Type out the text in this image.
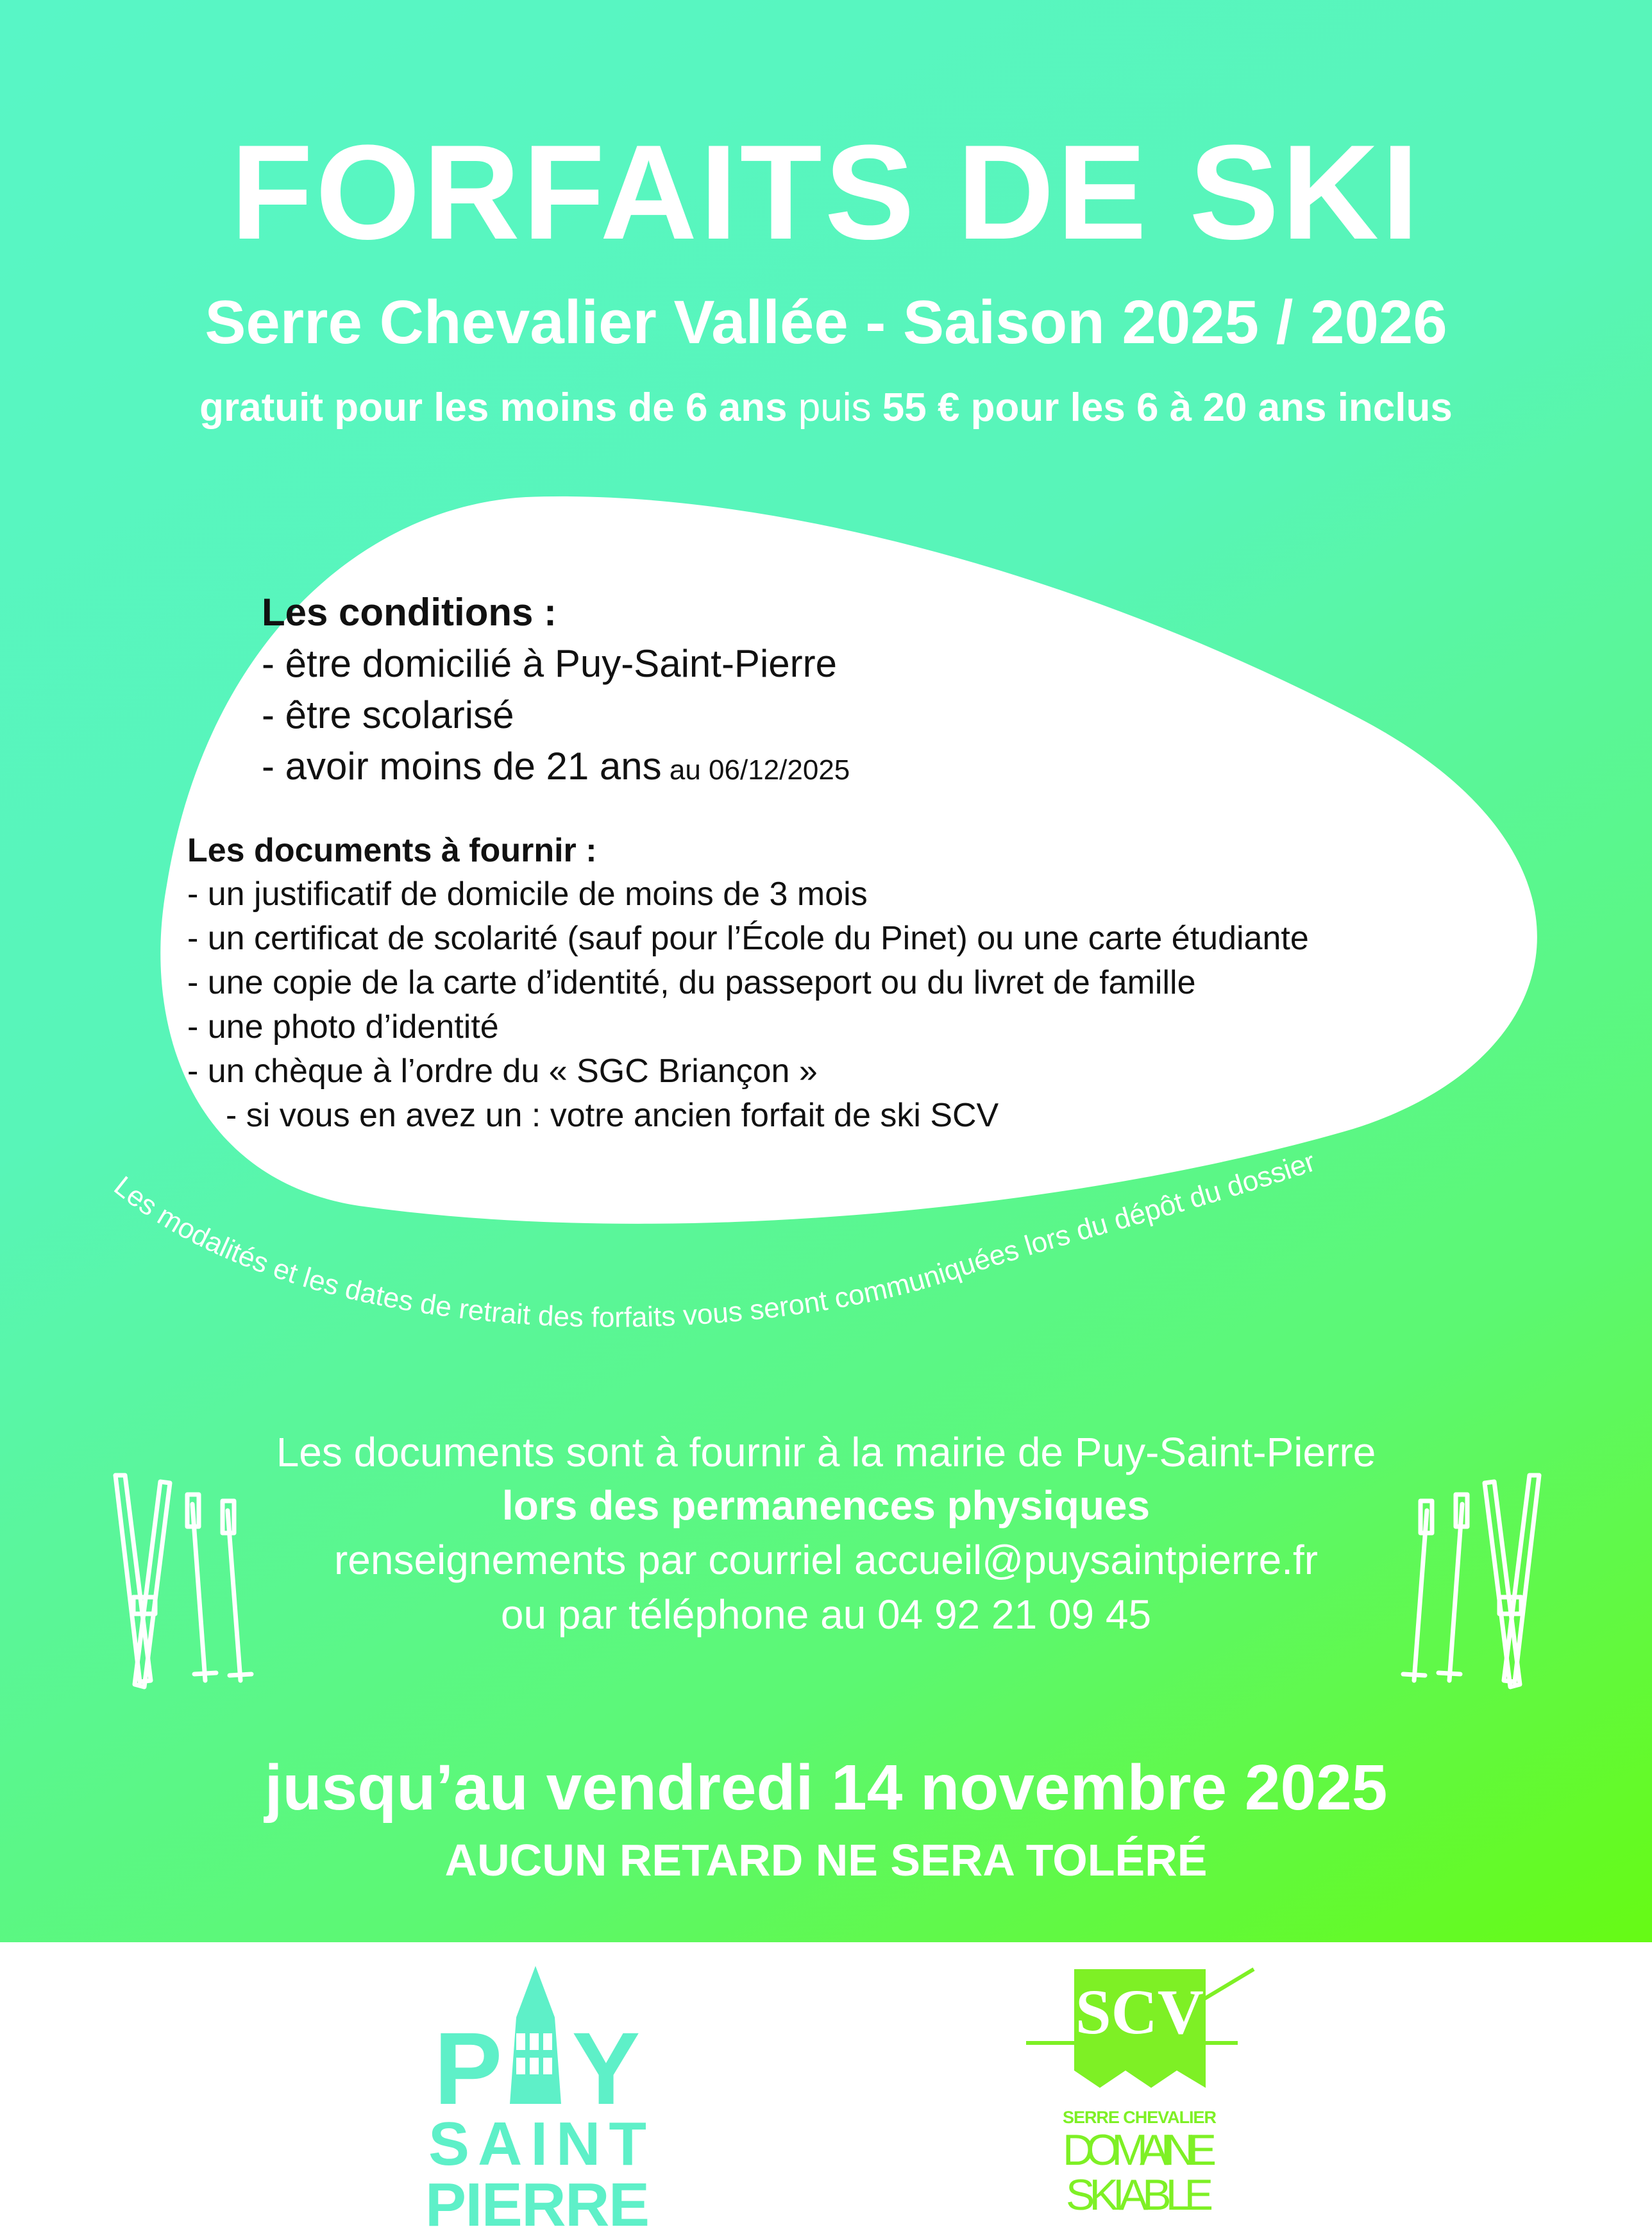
FORFAITS DE SKI
Serre Chevalier Vallée - Saison 2025 / 2026
gratuit pour les moins de 6 ans puis 55 € pour les 6 à 20 ans inclus
Les conditions :
- être domicilié à Puy-Saint-Pierre
- être scolarisé
- avoir moins de 21 ans au 06/12/2025
Les documents à fournir :
- un justificatif de domicile de moins de 3 mois
- un certificat de scolarité (sauf pour l’École du Pinet) ou une carte étudiante
- une copie de la carte d’identité, du passeport ou du livret de famille
- une photo d’identité
- un chèque à l’ordre du « SGC Briançon »
- si vous en avez un : votre ancien forfait de ski SCV
Les modalités et les dates de retrait des forfaits vous seront communiquées lors du dépôt du dossier
Les documents sont à fournir à la mairie de Puy-Saint-Pierre
lors des permanences physiques
renseignements par courriel accueil@puysaintpierre.fr
ou par téléphone au 04 92 21 09 45
jusqu’au vendredi 14 novembre 2025
AUCUN RETARD NE SERA TOLÉRÉ
P Y
SAINT
PIERRE
SCV
SERRE CHEVALIER
DOMAINE
SKIABLE
